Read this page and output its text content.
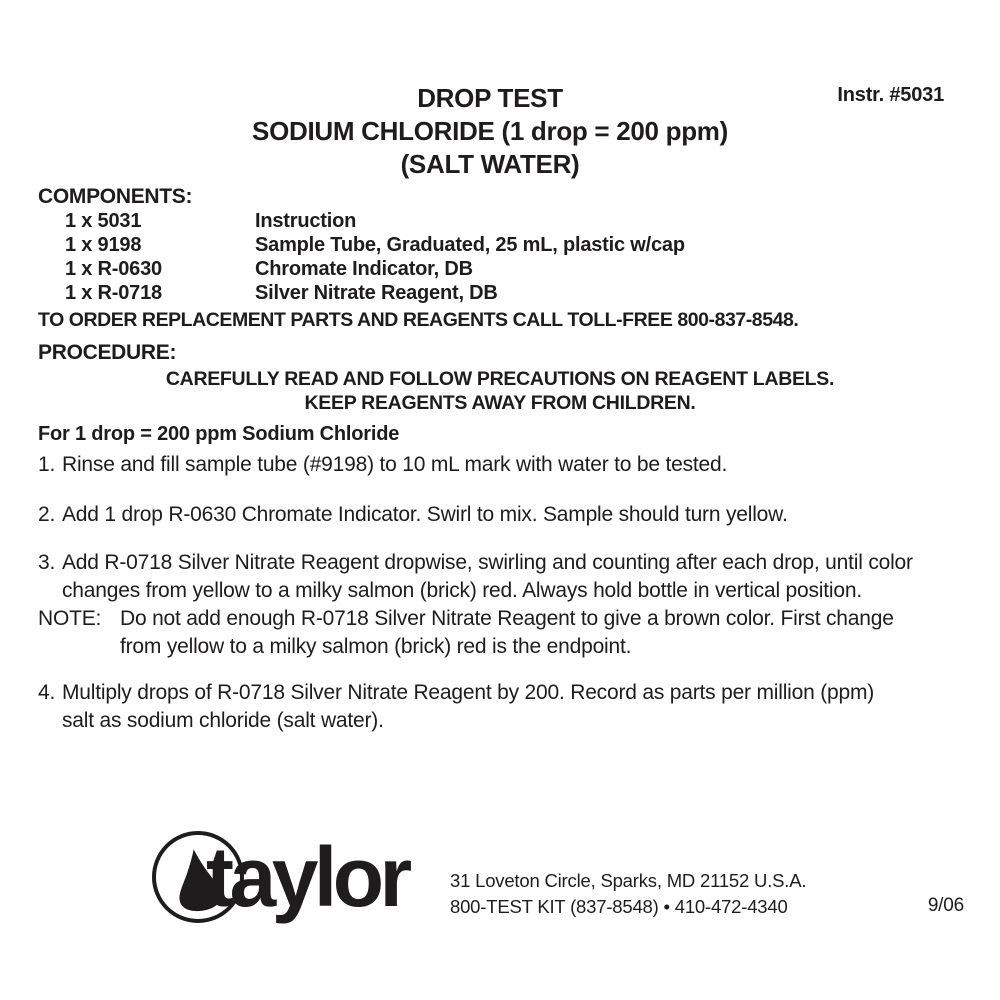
Instr. #5031
DROP TEST
SODIUM CHLORIDE (1 drop = 200 ppm)
(SALT WATER)
COMPONENTS:
1 x 5031	Instruction
1 x 9198	Sample Tube, Graduated, 25 mL, plastic w/cap
1 x R-0630	Chromate Indicator, DB
1 x R-0718	Silver Nitrate Reagent, DB
TO ORDER REPLACEMENT PARTS AND REAGENTS CALL TOLL-FREE 800-837-8548.
PROCEDURE:
CAREFULLY READ AND FOLLOW PRECAUTIONS ON REAGENT LABELS.
KEEP REAGENTS AWAY FROM CHILDREN.
For 1 drop = 200 ppm Sodium Chloride
1. Rinse and fill sample tube (#9198) to 10 mL mark with water to be tested.
2. Add 1 drop R-0630 Chromate Indicator. Swirl to mix. Sample should turn yellow.
3. Add R-0718 Silver Nitrate Reagent dropwise, swirling and counting after each drop, until color changes from yellow to a milky salmon (brick) red. Always hold bottle in vertical position.
NOTE: Do not add enough R-0718 Silver Nitrate Reagent to give a brown color. First change from yellow to a milky salmon (brick) red is the endpoint.
4. Multiply drops of R-0718 Silver Nitrate Reagent by 200. Record as parts per million (ppm) salt as sodium chloride (salt water).
taylor 31 Loveton Circle, Sparks, MD 21152 U.S.A.
800-TEST KIT (837-8548) • 410-472-4340	9/06
